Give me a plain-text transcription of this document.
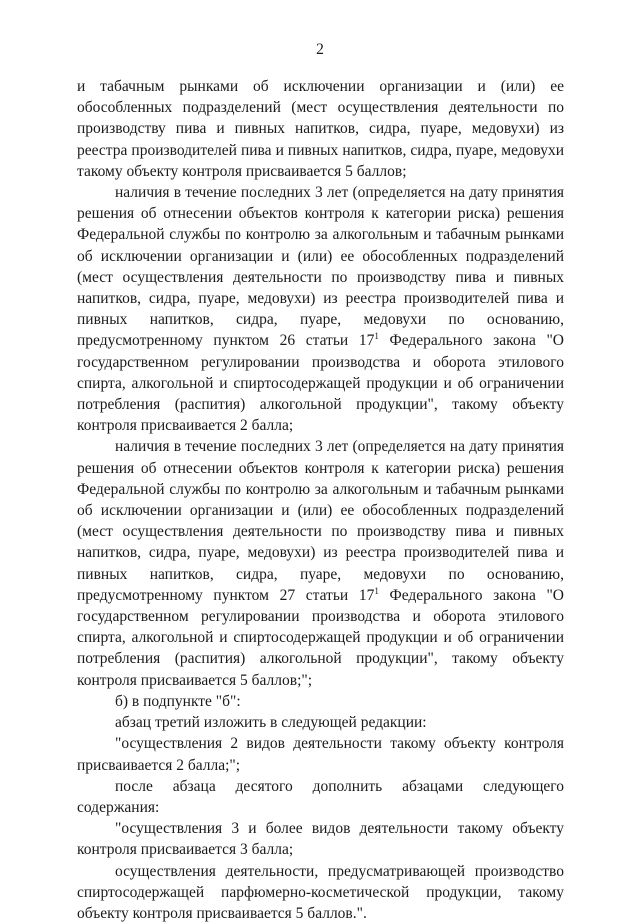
2

и табачным рынками об исключении организации и (или) ее обособленных подразделений (мест осуществления деятельности по производству пива и пивных напитков, сидра, пуаре, медовухи) из реестра производителей пива и пивных напитков, сидра, пуаре, медовухи такому объекту контроля присваивается 5 баллов;

наличия в течение последних 3 лет (определяется на дату принятия решения об отнесении объектов контроля к категории риска) решения Федеральной службы по контролю за алкогольным и табачным рынками об исключении организации и (или) ее обособленных подразделений (мест осуществления деятельности по производству пива и пивных напитков, сидра, пуаре, медовухи) из реестра производителей пива и пивных напитков, сидра, пуаре, медовухи по основанию, предусмотренному пунктом 26 статьи $17^1$ Федерального закона "О государственном регулировании производства и оборота этилового спирта, алкогольной и спиртосодержащей продукции и об ограничении потребления (распития) алкогольной продукции", такому объекту контроля присваивается 2 балла;

наличия в течение последних 3 лет (определяется на дату принятия решения об отнесении объектов контроля к категории риска) решения Федеральной службы по контролю за алкогольным и табачным рынками об исключении организации и (или) ее обособленных подразделений (мест осуществления деятельности по производству пива и пивных напитков, сидра, пуаре, медовухи) из реестра производителей пива и пивных напитков, сидра, пуаре, медовухи по основанию, предусмотренному пунктом 27 статьи $17^1$ Федерального закона "О государственном регулировании производства и оборота этилового спирта, алкогольной и спиртосодержащей продукции и об ограничении потребления (распития) алкогольной продукции", такому объекту контроля присваивается 5 баллов;";

б) в подпункте "б":

абзац третий изложить в следующей редакции:

"осуществления 2 видов деятельности такому объекту контроля присваивается 2 балла;";

после абзаца десятого дополнить абзацами следующего содержания:

"осуществления 3 и более видов деятельности такому объекту контроля присваивается 3 балла;

осуществления деятельности, предусматривающей производство спиртосодержащей парфюмерно-косметической продукции, такому объекту контроля присваивается 5 баллов.".
